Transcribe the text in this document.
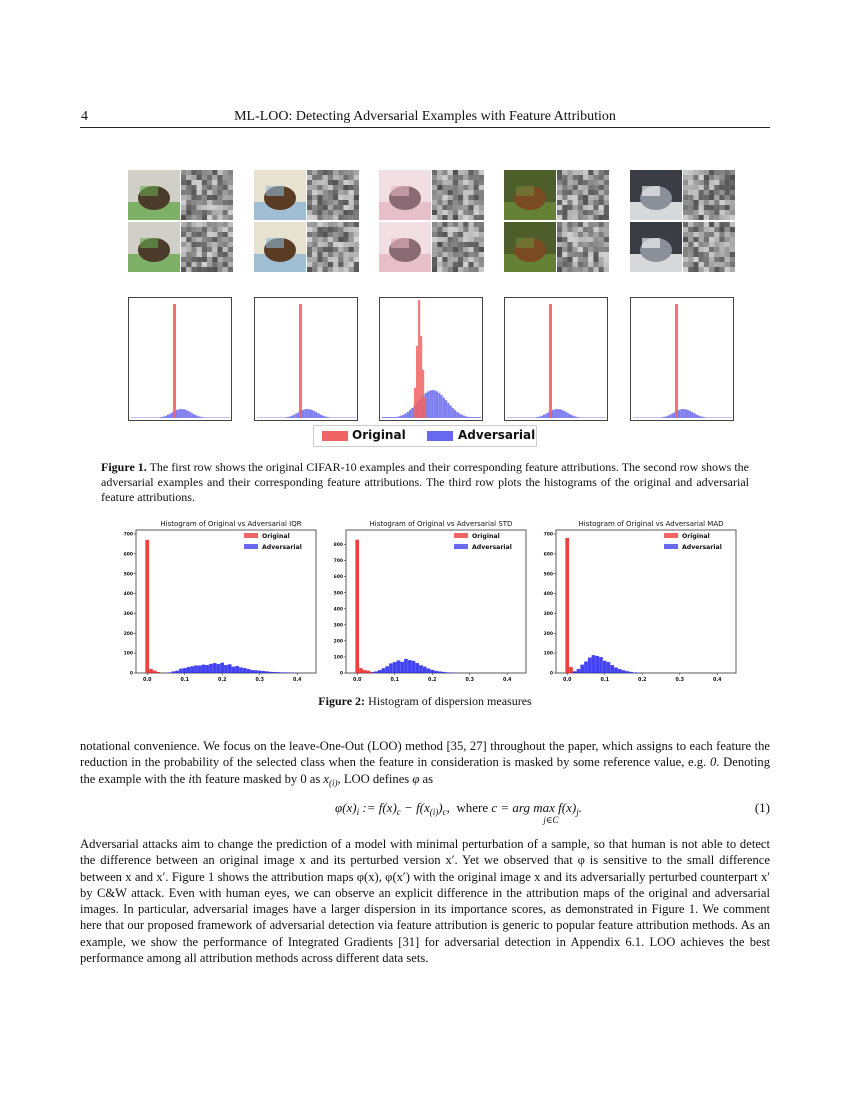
4	ML-LOO: Detecting Adversarial Examples with Feature Attribution
Original	Adversarial
Figure 1. The first row shows the original CIFAR-10 examples and their corresponding feature attributions. The second row shows the adversarial examples and their corresponding feature attributions. The third row plots the histograms of the original and adversarial feature attributions.
Histogram of Original vs Adversarial IQR
0.0	0.1	0.2	0.3	0.4
0
100
200
300
400
500
600
700	Original
Adversarial
Histogram of Original vs Adversarial STD
0.0	0.1	0.2	0.3	0.4
0
100
200
300
400
500
600
700
800
Original
Adversarial
Histogram of Original vs Adversarial MAD
0.0	0.1	0.2	0.3	0.4
0
100
200
300
400
500
600
700	Original
Adversarial
Figure 2: Histogram of dispersion measures
notational convenience. We focus on the leave-One-Out (LOO) method [35, 27] throughout the paper, which assigns to each feature the reduction in the probability of the selected class when the feature in consideration is masked by some reference value, e.g. 0. Denoting the example with the ith feature masked by 0 as $x_{(i)}$, LOO defines φ as
$\varphi(x)_i$ := $f(x)_c - f(x_{(i)})_c$,  where c = arg max
j∈C
$f(x)_j$.	(1)
Adversarial attacks aim to change the prediction of a model with minimal perturbation of a sample, so that human is not able to detect the difference between an original image x and its perturbed version x′. Yet we observed that φ is sensitive to the small difference between x and x′. Figure 1 shows the attribution maps φ(x), φ(x′) with the original image x and its adversarially perturbed counterpart x′ by C&W attack. Even with human eyes, we can observe an explicit difference in the attribution maps of the original and adversarial images. In particular, adversarial images have a larger dispersion in its importance scores, as demonstrated in Figure 1. We comment here that our proposed framework of adversarial detection via feature attribution is generic to popular feature attribution methods. As an example, we show the performance of Integrated Gradients [31] for adversarial detection in Appendix 6.1. LOO achieves the best performance among all attribution methods across different data sets.
